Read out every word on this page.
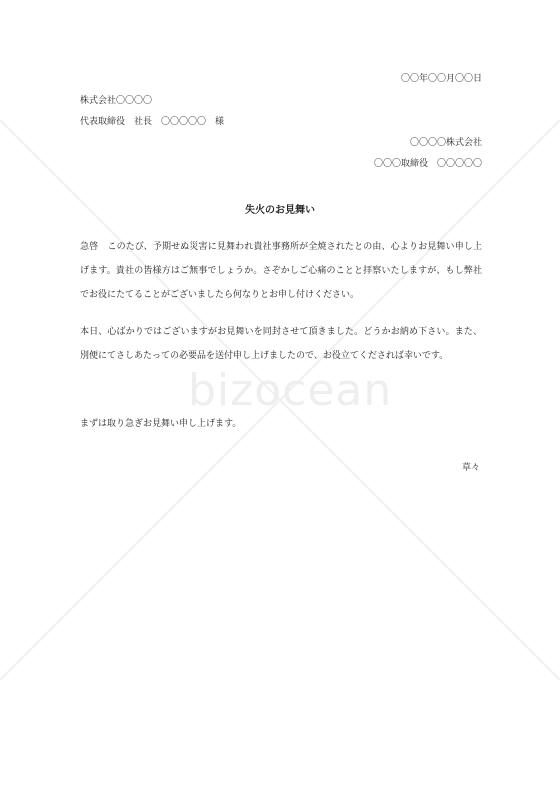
bizocean
〇〇年〇〇月〇〇日
株式会社〇〇〇〇
代表取締役　社長　〇〇〇〇〇　様
〇〇〇〇株式会社
〇〇〇取締役　〇〇〇〇〇
失火のお見舞い
急啓　このたび、予期せぬ災害に見舞われ貴社事務所が全焼されたとの由、心よりお見舞い申し上げます。貴社の皆様方はご無事でしょうか。さぞかしご心痛のことと拝察いたしますが、もし弊社でお役にたてることがございましたら何なりとお申し付けください。
本日、心ばかりではございますがお見舞いを同封させて頂きました。どうかお納め下さい。また、別便にてさしあたっての必要品を送付申し上げましたので、お役立てくだされば幸いです。
まずは取り急ぎお見舞い申し上げます。
草々
